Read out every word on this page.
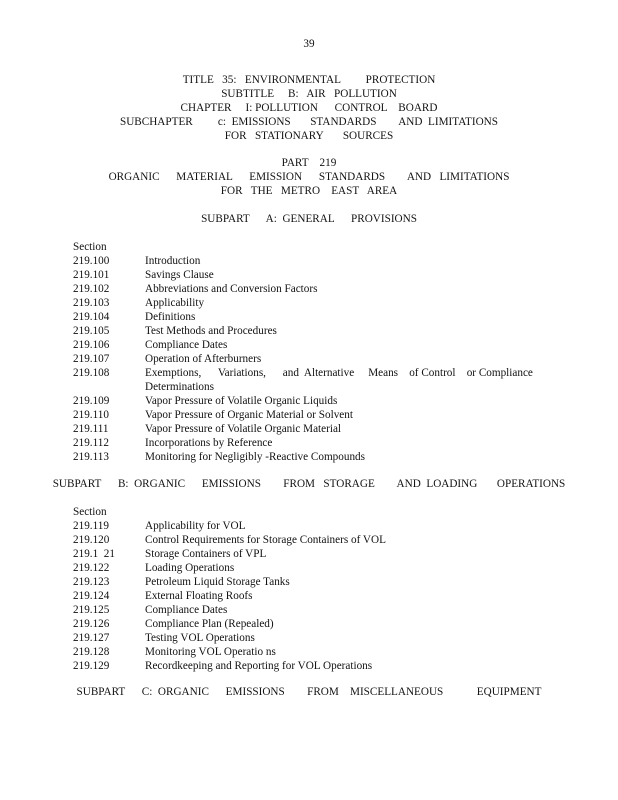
39
TITLE   35:   ENVIRONMENTAL         PROTECTION
SUBTITLE     B:   AIR   POLLUTION
CHAPTER     I: POLLUTION      CONTROL    BOARD
SUBCHAPTER         c:  EMISSIONS       STANDARDS        AND  LIMITATIONS
FOR   STATIONARY       SOURCES
PART    219
ORGANIC      MATERIAL      EMISSION      STANDARDS        AND   LIMITATIONS
FOR   THE   METRO    EAST   AREA
SUBPART      A:  GENERAL      PROVISIONS
Section
219.100	Introduction
219.101	Savings Clause
219.102	Abbreviations and Conversion Factors
219.103	Applicability
219.104	Definitions
219.105	Test Methods and Procedures
219.106	Compliance Dates
219.107	Operation of Afterburners
219.108	Exemptions,      Variations,      and  Alternative     Means    of Control    or Compliance
Determinations
219.109	Vapor Pressure of Volatile Organic Liquids
219.110	Vapor Pressure of Organic Material or Solvent
219.111	Vapor Pressure of Volatile Organic Material
219.112	Incorporations by Reference
219.113	Monitoring for Negligibly -Reactive Compounds
SUBPART      B:  ORGANIC      EMISSIONS        FROM   STORAGE        AND  LOADING       OPERATIONS
Section
219.119	Applicability for VOL
219.120	Control Requirements for Storage Containers of VOL
219.1  21	Storage Containers of VPL
219.122	Loading Operations
219.123	Petroleum Liquid Storage Tanks
219.124	External Floating Roofs
219.125	Compliance Dates
219.126	Compliance Plan (Repealed)
219.127	Testing VOL Operations
219.128	Monitoring VOL Operatio ns
219.129	Recordkeeping and Reporting for VOL Operations
SUBPART      C:  ORGANIC      EMISSIONS        FROM    MISCELLANEOUS            EQUIPMENT
